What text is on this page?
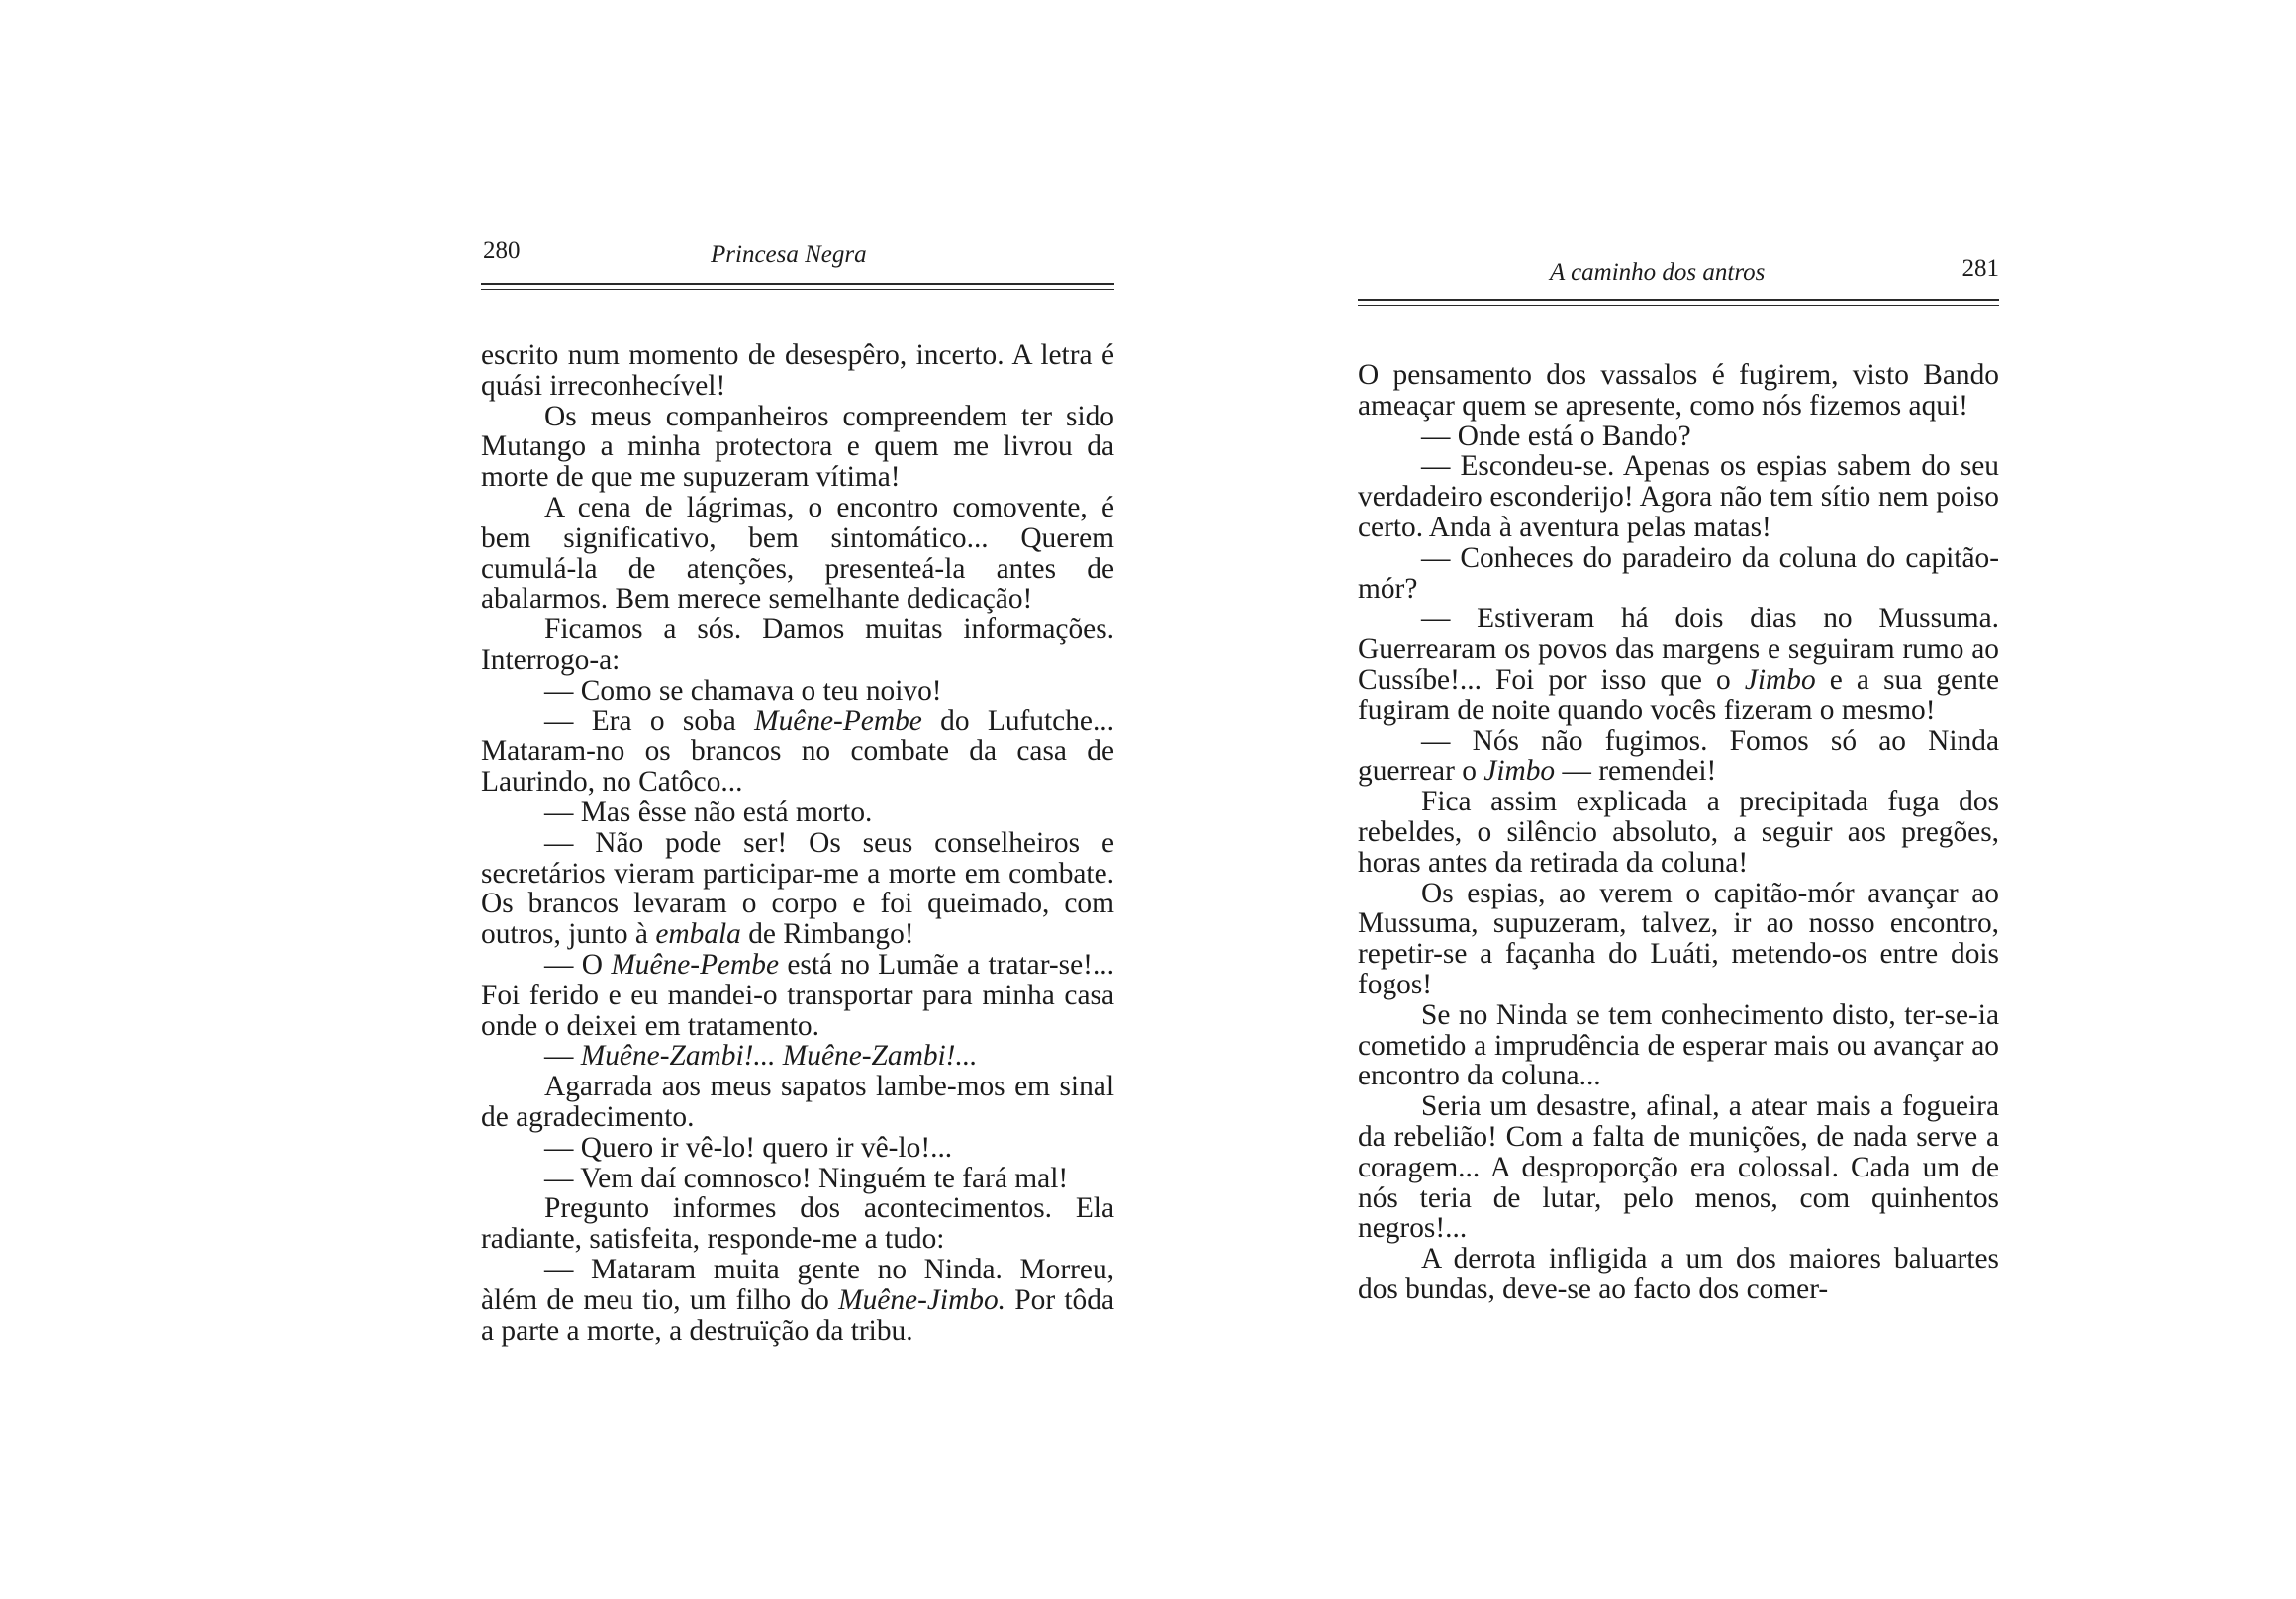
280	Princesa Negra

escrito num momento de desespêro, incerto. A letra é quási irreconhecível!

Os meus companheiros compreendem ter sido Mutango a minha protectora e quem me livrou da morte de que me supuzeram vítima!

A cena de lágrimas, o encontro comovente, é bem significativo, bem sintomático... Querem cumulá-la de atenções, presenteá-la antes de abalarmos. Bem merece semelhante dedicação!

Ficamos a sós. Damos muitas informações. Interrogo-a:

— Como se chamava o teu noivo!

— Era o soba Muêne-Pembe do Lufutche... Mataram-no os brancos no combate da casa de Laurindo, no Catôco...

— Mas êsse não está morto.

— Não pode ser! Os seus conselheiros e secretários vieram participar-me a morte em combate. Os brancos levaram o corpo e foi queimado, com outros, junto à embala de Rimbango!

— O Muêne-Pembe está no Lumãe a tratar-se!... Foi ferido e eu mandei-o transportar para minha casa onde o deixei em tratamento.

— Muêne-Zambi!... Muêne-Zambi!...

Agarrada aos meus sapatos lambe-mos em sinal de agradecimento.

— Quero ir vê-lo! quero ir vê-lo!...

— Vem daí comnosco! Ninguém te fará mal!

Pregunto informes dos acontecimentos. Ela radiante, satisfeita, responde-me a tudo:

— Mataram muita gente no Ninda. Morreu, àlém de meu tio, um filho do Muêne-Jimbo. Por tôda a parte a morte, a destruïção da tribu.

A caminho dos antros	281

O pensamento dos vassalos é fugirem, visto Bando ameaçar quem se apresente, como nós fizemos aqui!

— Onde está o Bando?

— Escondeu-se. Apenas os espias sabem do seu verdadeiro esconderijo! Agora não tem sítio nem poiso certo. Anda à aventura pelas matas!

— Conheces do paradeiro da coluna do capitão-mór?

— Estiveram há dois dias no Mussuma. Guerrearam os povos das margens e seguiram rumo ao Cussíbe!... Foi por isso que o Jimbo e a sua gente fugiram de noite quando vocês fizeram o mesmo!

— Nós não fugimos. Fomos só ao Ninda guerrear o Jimbo — remendei!

Fica assim explicada a precipitada fuga dos rebeldes, o silêncio absoluto, a seguir aos pregões, horas antes da retirada da coluna!

Os espias, ao verem o capitão-mór avançar ao Mussuma, supuzeram, talvez, ir ao nosso encontro, repetir-se a façanha do Luáti, metendo-os entre dois fogos!

Se no Ninda se tem conhecimento disto, ter-se-ia cometido a imprudência de esperar mais ou avançar ao encontro da coluna...

Seria um desastre, afinal, a atear mais a fogueira da rebelião! Com a falta de munições, de nada serve a coragem... A desproporção era colossal. Cada um de nós teria de lutar, pelo menos, com quinhentos negros!...

A derrota infligida a um dos maiores baluartes dos bundas, deve-se ao facto dos comer-
